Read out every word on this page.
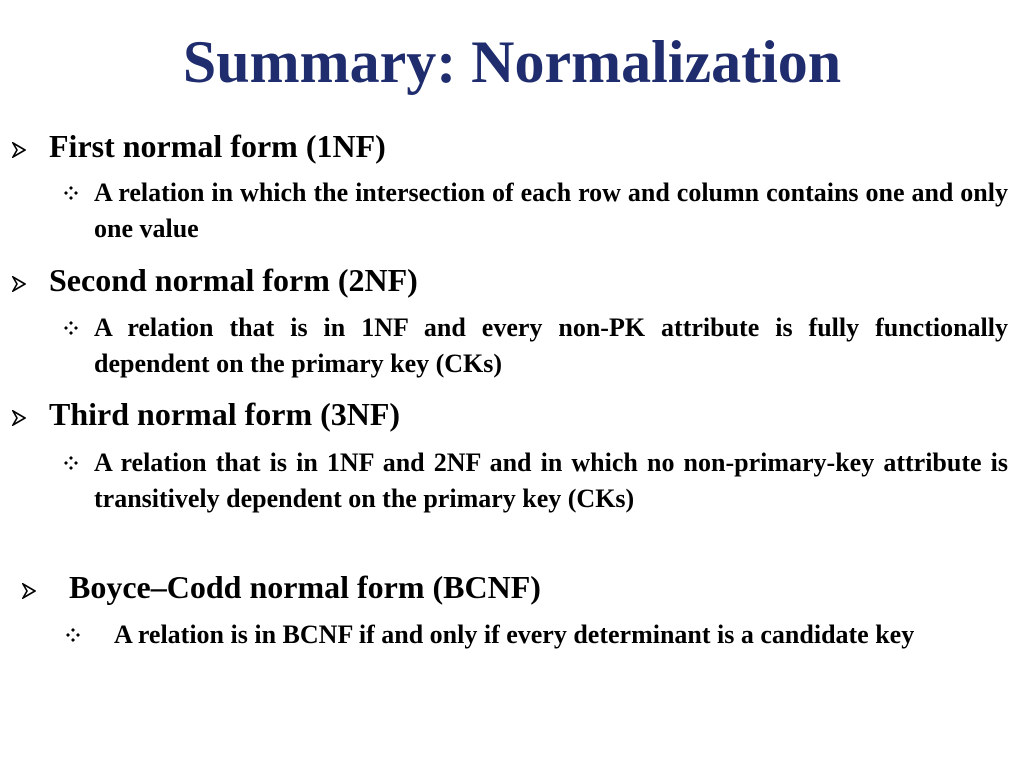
Summary: Normalization
First normal form (1NF)
A relation in which the intersection of each row and column contains one and only one value
Second normal form (2NF)
A relation that is in 1NF and every non-PK attribute is fully functionally dependent on the primary key (CKs)
Third normal form (3NF)
A relation that is in 1NF and 2NF and in which no non-primary-key attribute is transitively dependent on the primary key (CKs)
Boyce–Codd normal form (BCNF)
A relation is in BCNF if and only if every determinant is a candidate key
